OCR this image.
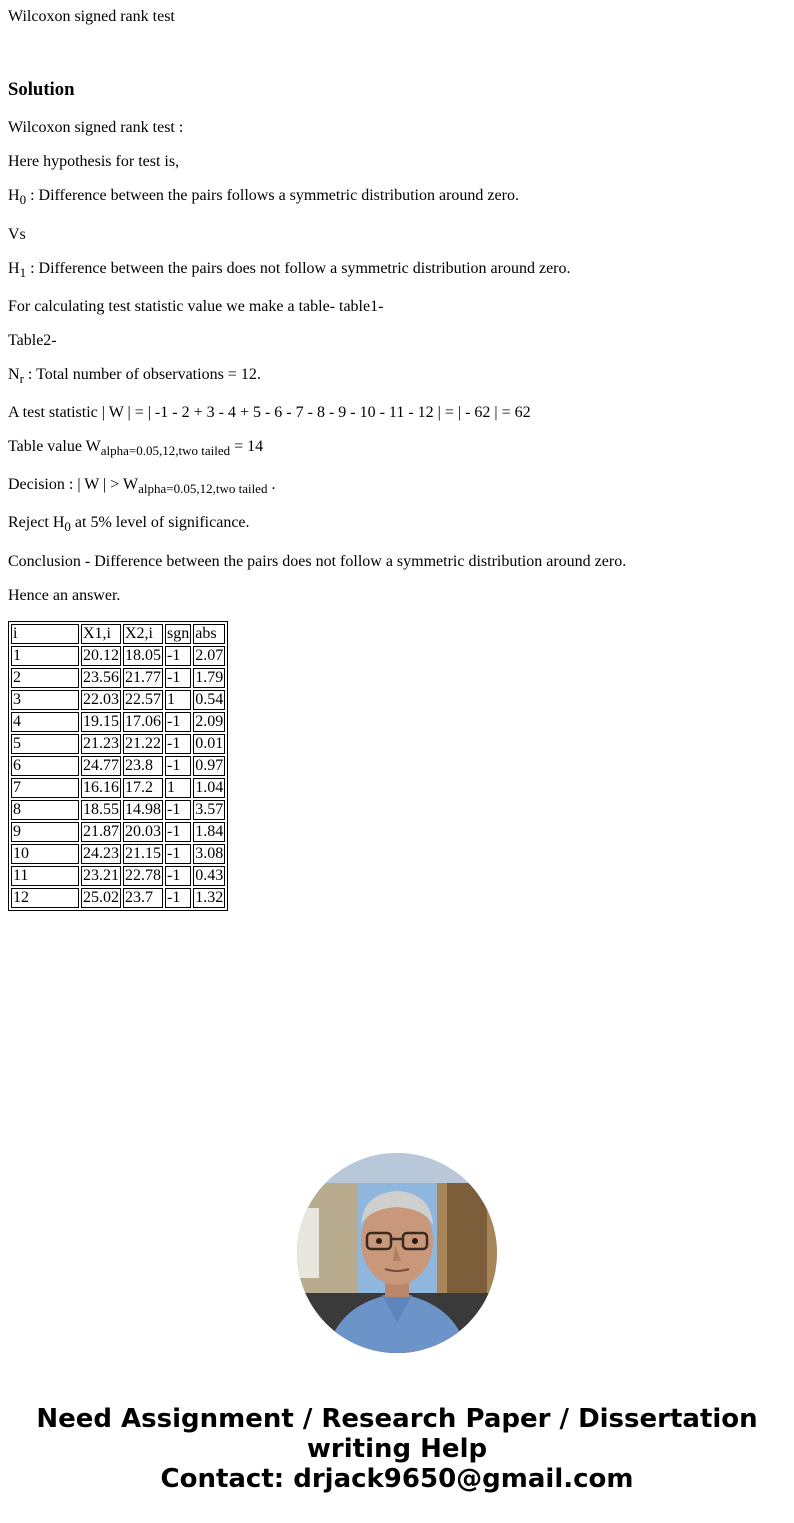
Wilcoxon signed rank test
Solution
Wilcoxon signed rank test :
Here hypothesis for test is,
$H_0$ : Difference between the pairs follows a symmetric distribution around zero.
Vs
$H_1$ : Difference between the pairs does not follow a symmetric distribution around zero.
For calculating test statistic value we make a table- table1-
Table2-
$N_r$ : Total number of observations = 12.
A test statistic | W | = | -1 - 2 + 3 - 4 + 5 - 6 - 7 - 8 - 9 - 10 - 11 - 12 | = | - 62 | = 62
Table value $W_{alpha=0.05,12,two tailed} = 14$
Decision : | W | > $W_{alpha=0.05,12,two tailed}$ .
Reject $H_0$ at 5% level of significance.
Conclusion - Difference between the pairs does not follow a symmetric distribution around zero.
Hence an answer.
i	X1,i	X2,i	sgn	abs
1	20.12	18.05	-1	2.07
2	23.56	21.77	-1	1.79
3	22.03	22.57	1	0.54
4	19.15	17.06	-1	2.09
5	21.23	21.22	-1	0.01
6	24.77	23.8	-1	0.97
7	16.16	17.2	1	1.04
8	18.55	14.98	-1	3.57
9	21.87	20.03	-1	1.84
10	24.23	21.15	-1	3.08
11	23.21	22.78	-1	0.43
12	25.02	23.7	-1	1.32
Need Assignment / Research Paper / Dissertation
writing Help
Contact: drjack9650@gmail.com
